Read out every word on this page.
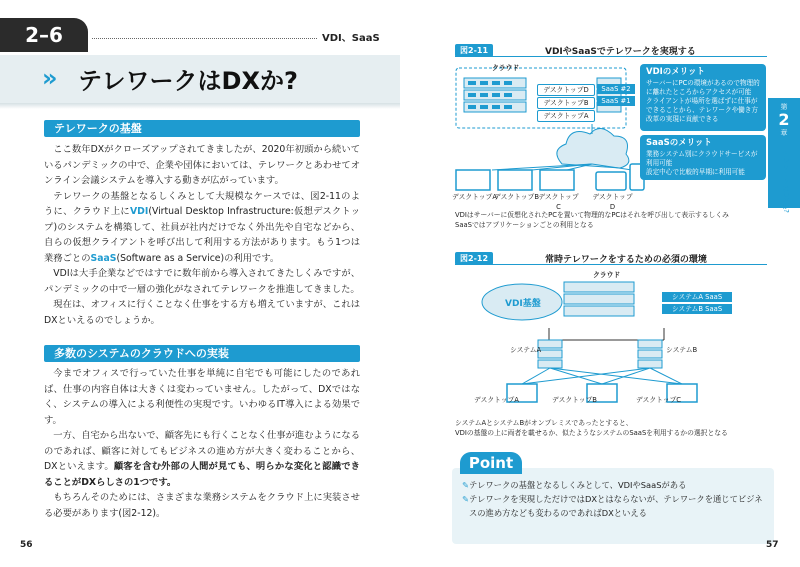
2–6	VDI、SaaS
» テレワークはDXか?
テレワークの基盤

ここ数年DXがクローズアップされてきましたが、2020年初頭から続いているパンデミックの中で、企業や団体においては、テレワークとあわせてオンライン会議システムを導入する動きが広がっています。

テレワークの基盤となるしくみとして大規模なケースでは、図2-11のように、クラウド上にVDI(Virtual Desktop Infrastructure:仮想デスクトップ)のシステムを構築して、社員が社内だけでなく外出先や自宅などから、自らの仮想クライアントを呼び出して利用する方法があります。もう1つは業務ごとのSaaS(Software as a Service)の利用です。

VDIは大手企業などではすでに数年前から導入されてきたしくみですが、パンデミックの中で一層の強化がなされてテレワークを推進してきました。

現在は、オフィスに行くことなく仕事をする方も増えていますが、これはDXといえるのでしょうか。

多数のシステムのクラウドへの実装

今までオフィスで行っていた仕事を単純に自宅でも可能にしたのであれば、仕事の内容自体は大きくは変わっていません。したがって、DXではなく、システムの導入による利便性の実現です。いわゆるIT導入による効果です。

一方、自宅から出ないで、顧客先にも行くことなく仕事が進むようになるのであれば、顧客に対してもビジネスの進め方が大きく変わることから、DXといえます。顧客を含む外部の人間が見ても、明らかな変化と認識できることがDXらしさの1つです。

もちろんそのためには、さまざまな業務システムをクラウド上に実装させる必要があります(図2-12)。

56
第
2
章
テレワークはDXか?
図2-11	VDIやSaaSでテレワークを実現する
デスクトップD
デスクトップB
デスクトップA
SaaS #2
SaaS #1
クラウド	VDIのメリット
サーバーにPCの環境があるので物理的に離れたところからアクセスが可能
クライアントが場所を選ばずに仕事ができることから、テレワークや働き方改革の実現に貢献できる
SaaSのメリット
業務システム別にクラウドサービスが利用可能
設定中心で比較的早期に利用可能
デスクトップA
デスクトップB デスクトップC
デスクトップD
VDIはサーバーに仮想化されたPCを置いて物理的なPCはそれを呼び出して表示するしくみ
SaaSではアプリケーションごとの利用となる
図2-12	常時テレワークをするための必須の環境
クラウド
VDI基盤
システムA SaaS
システムB SaaS
システムA	システムB
デスクトップA	デスクトップB	デスクトップC
システムAとシステムBがオンプレミスであったとすると、
VDIの基盤の上に両者を載せるか、似たようなシステムのSaaSを利用するかの選択となる
Point
✎ テレワークの基盤となるしくみとして、VDIやSaaSがある
✎ テレワークを実現しただけではDXとはならないが、テレワークを通じてビジネスの進め方なども変わるのであればDXといえる
57
